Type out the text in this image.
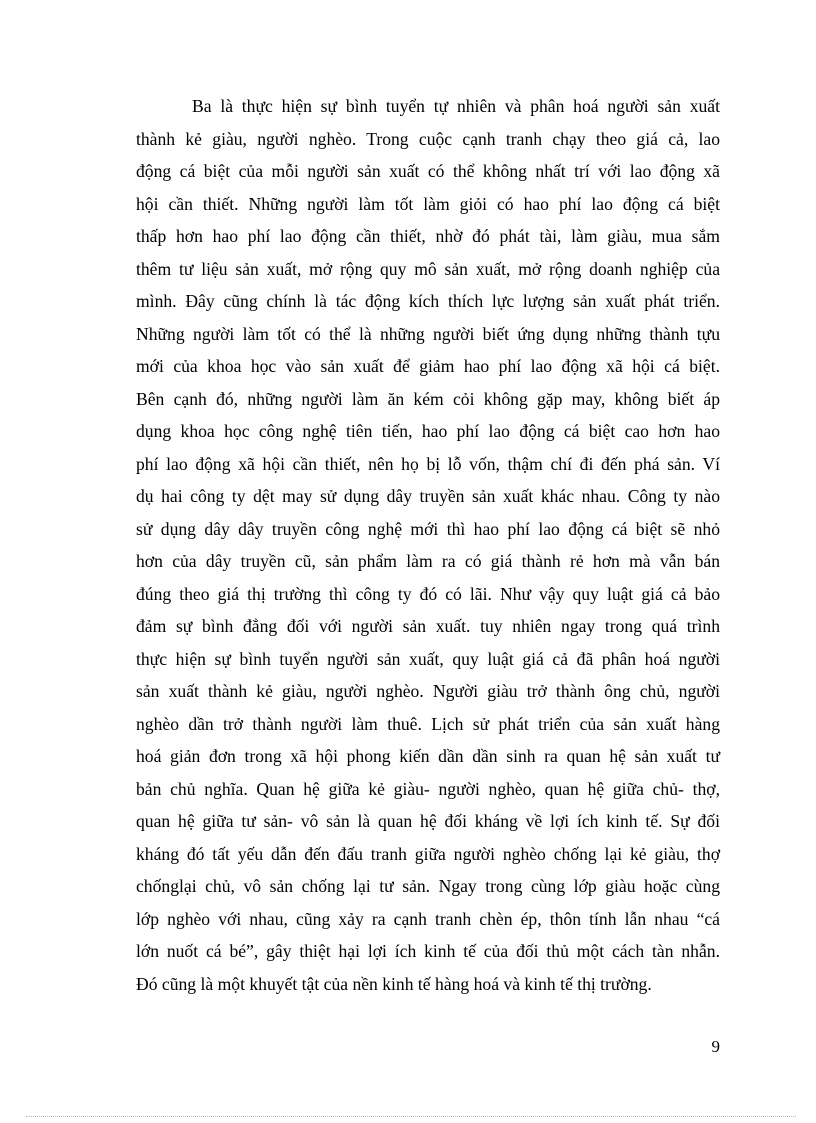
Ba là thực hiện sự bình tuyển tự nhiên và phân hoá người sản xuất
thành kẻ giàu, người nghèo. Trong cuộc cạnh tranh chạy theo giá cả, lao
động cá biệt của mỗi người sản xuất có thể không nhất trí với lao động xã
hội cần thiết. Những người làm tốt làm giỏi có hao phí lao động cá biệt
thấp hơn hao phí lao động cần thiết, nhờ đó phát tài, làm giàu, mua sắm
thêm tư liệu sản xuất, mở rộng quy mô sản xuất, mở rộng doanh nghiệp của
mình. Đây cũng chính là tác động kích thích lực lượng sản xuất phát triển.
Những người làm tốt có thể là những người biết ứng dụng những thành tựu
mới của khoa học vào sản xuất để giảm hao phí lao động xã hội cá biệt.
Bên cạnh đó, những người làm ăn kém cỏi không gặp may, không biết áp
dụng khoa học công nghệ tiên tiến, hao phí lao động cá biệt cao hơn hao
phí lao động xã hội cần thiết, nên họ bị lỗ vốn, thậm chí đi đến phá sản. Ví
dụ hai công ty dệt may sử dụng dây truyền sản xuất khác nhau. Công ty nào
sử dụng dây dây truyền công nghệ mới thì hao phí lao động cá biệt sẽ nhỏ
hơn của dây truyền cũ, sản phẩm làm ra có giá thành rẻ hơn mà vẫn bán
đúng theo giá thị trường thì công ty đó có lãi. Như vậy quy luật giá cả bảo
đảm sự bình đẳng đối với người sản xuất. tuy nhiên ngay trong quá trình
thực hiện sự bình tuyển người sản xuất, quy luật giá cả đã phân hoá người
sản xuất thành kẻ giàu, người nghèo. Người giàu trở thành ông chủ, người
nghèo dần trở thành người làm thuê. Lịch sử phát triển của sản xuất hàng
hoá giản đơn trong xã hội phong kiến dần dần sinh ra quan hệ sản xuất tư
bản chủ nghĩa. Quan hệ giữa kẻ giàu- người nghèo, quan hệ giữa chủ- thợ,
quan hệ giữa tư sản- vô sản là quan hệ đối kháng về lợi ích kinh tế. Sự đối
kháng đó tất yếu dẫn đến đấu tranh giữa người nghèo chống lại kẻ giàu, thợ
chốnglại chủ, vô sản chống lại tư sản. Ngay trong cùng lớp giàu hoặc cùng
lớp nghèo với nhau, cũng xảy ra cạnh tranh chèn ép, thôn tính lẫn nhau “cá
lớn nuốt cá bé”, gây thiệt hại lợi ích kinh tế của đối thủ một cách tàn nhẫn.
Đó cũng là một khuyết tật của nền kinh tế hàng hoá và kinh tế thị trường.
9
